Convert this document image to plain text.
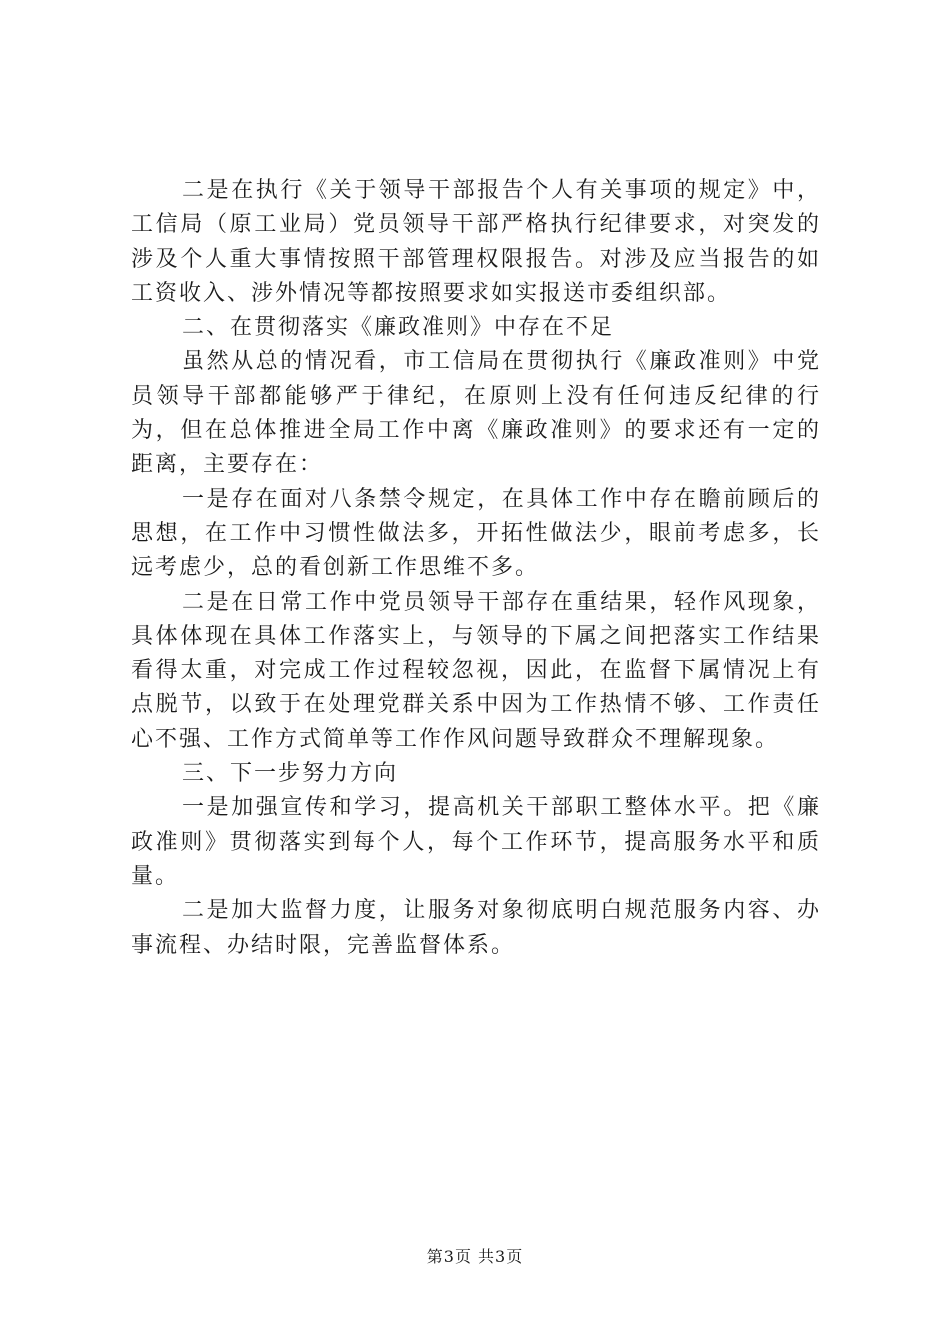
二是在执行《关于领导干部报告个人有关事项的规定》中，工信局（原工业局）党员领导干部严格执行纪律要求，对突发的涉及个人重大事情按照干部管理权限报告。对涉及应当报告的如工资收入、涉外情况等都按照要求如实报送市委组织部。

二、在贯彻落实《廉政准则》中存在不足

虽然从总的情况看，市工信局在贯彻执行《廉政准则》中党员领导干部都能够严于律纪，在原则上没有任何违反纪律的行为，但在总体推进全局工作中离《廉政准则》的要求还有一定的距离，主要存在：

一是存在面对八条禁令规定，在具体工作中存在瞻前顾后的思想，在工作中习惯性做法多，开拓性做法少，眼前考虑多，长远考虑少，总的看创新工作思维不多。

二是在日常工作中党员领导干部存在重结果，轻作风现象，具体体现在具体工作落实上，与领导的下属之间把落实工作结果看得太重，对完成工作过程较忽视，因此，在监督下属情况上有点脱节，以致于在处理党群关系中因为工作热情不够、工作责任心不强、工作方式简单等工作作风问题导致群众不理解现象。

三、下一步努力方向

一是加强宣传和学习，提高机关干部职工整体水平。把《廉政准则》贯彻落实到每个人，每个工作环节，提高服务水平和质量。

二是加大监督力度，让服务对象彻底明白规范服务内容、办事流程、办结时限，完善监督体系。

第3页 共3页
